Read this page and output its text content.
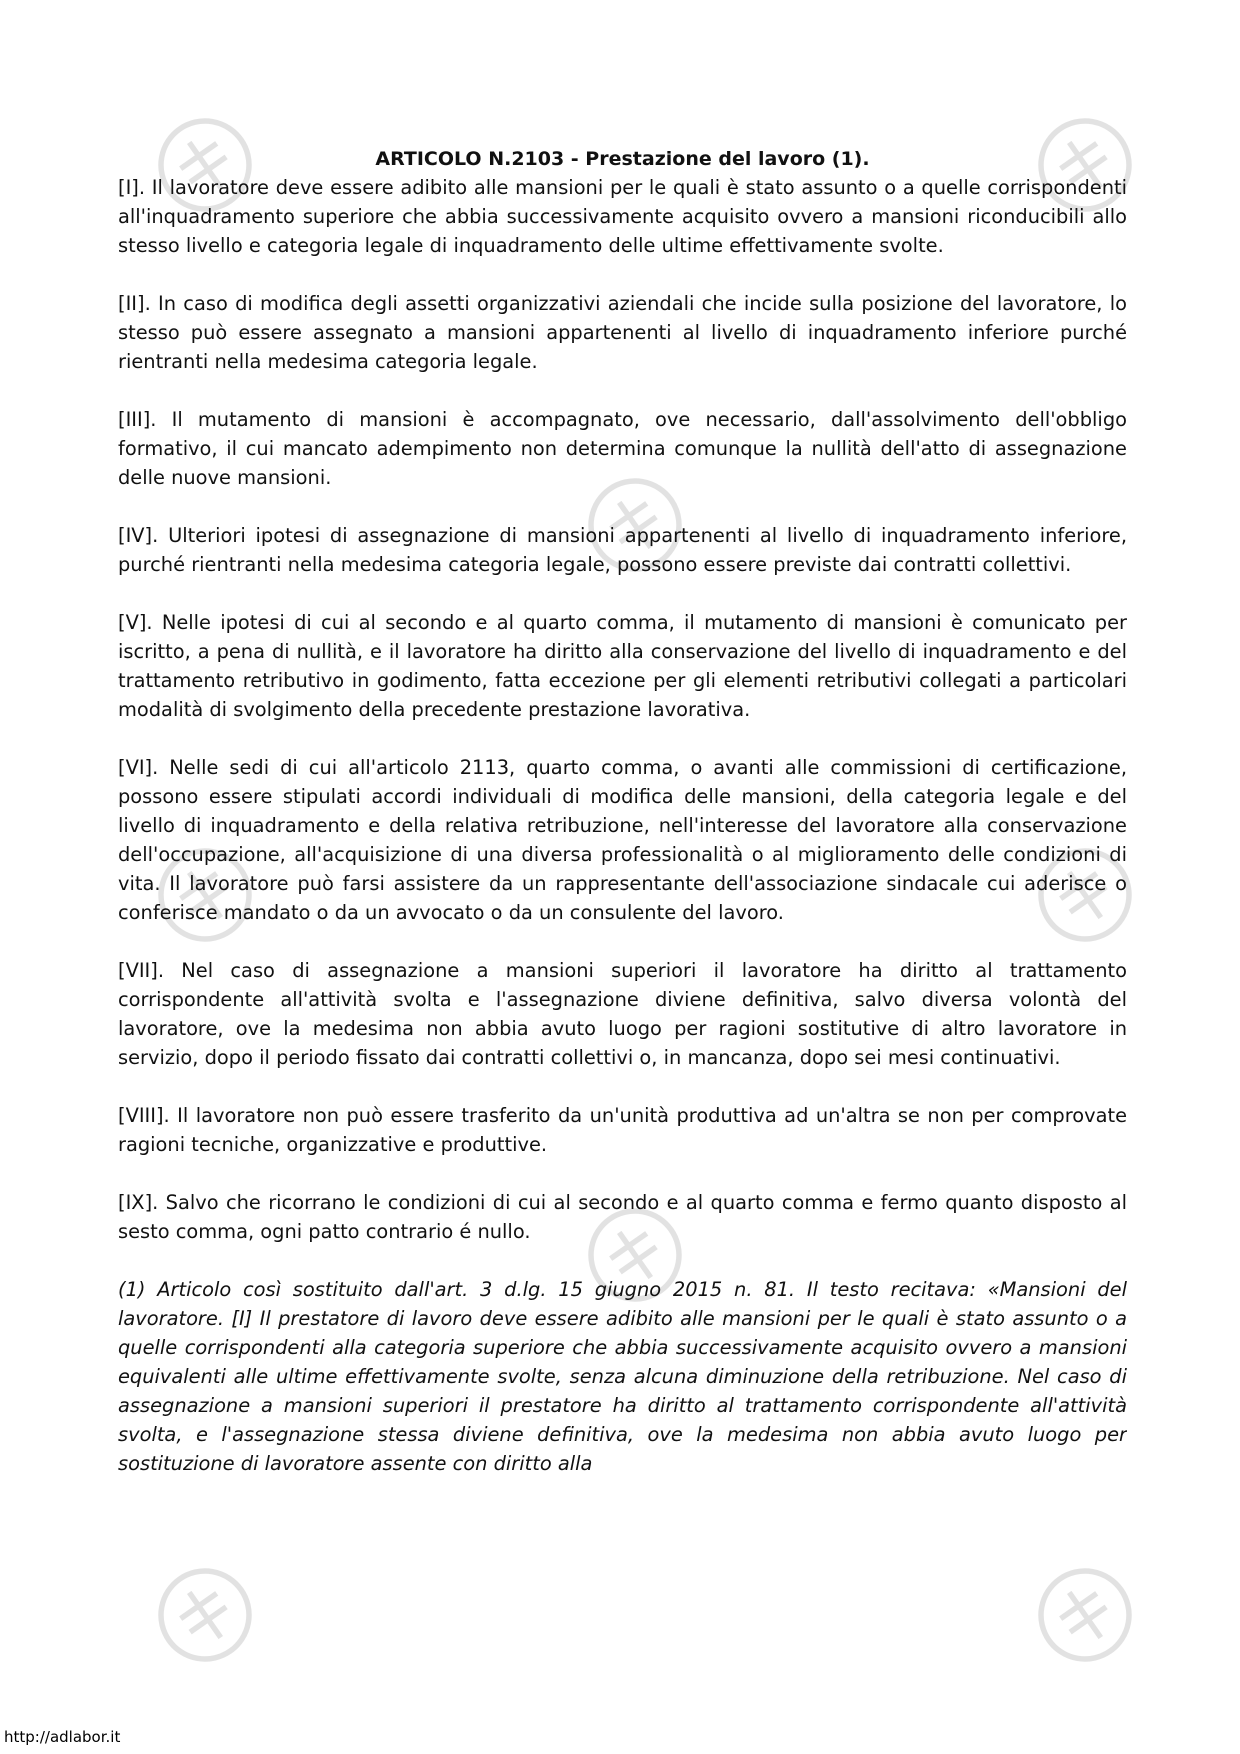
ARTICOLO N.2103 - Prestazione del lavoro (1).

[I]. Il lavoratore deve essere adibito alle mansioni per le quali è stato assunto o a quelle corrispondenti all'inquadramento superiore che abbia successivamente acquisito ovvero a mansioni riconducibili allo stesso livello e categoria legale di inquadramento delle ultime effettivamente svolte.

[II]. In caso di modifica degli assetti organizzativi aziendali che incide sulla posizione del lavoratore, lo stesso può essere assegnato a mansioni appartenenti al livello di inquadramento inferiore purché rientranti nella medesima categoria legale.

[III]. Il mutamento di mansioni è accompagnato, ove necessario, dall'assolvimento dell'obbligo formativo, il cui mancato adempimento non determina comunque la nullità dell'atto di assegnazione delle nuove mansioni.

[IV]. Ulteriori ipotesi di assegnazione di mansioni appartenenti al livello di inquadramento inferiore, purché rientranti nella medesima categoria legale, possono essere previste dai contratti collettivi.

[V]. Nelle ipotesi di cui al secondo e al quarto comma, il mutamento di mansioni è comunicato per iscritto, a pena di nullità, e il lavoratore ha diritto alla conservazione del livello di inquadramento e del trattamento retributivo in godimento, fatta eccezione per gli elementi retributivi collegati a particolari modalità di svolgimento della precedente prestazione lavorativa.

[VI]. Nelle sedi di cui all'articolo 2113, quarto comma, o avanti alle commissioni di certificazione, possono essere stipulati accordi individuali di modifica delle mansioni, della categoria legale e del livello di inquadramento e della relativa retribuzione, nell'interesse del lavoratore alla conservazione dell'occupazione, all'acquisizione di una diversa professionalità o al miglioramento delle condizioni di vita. Il lavoratore può farsi assistere da un rappresentante dell'associazione sindacale cui aderisce o conferisce mandato o da un avvocato o da un consulente del lavoro.

[VII]. Nel caso di assegnazione a mansioni superiori il lavoratore ha diritto al trattamento corrispondente all'attività svolta e l'assegnazione diviene definitiva, salvo diversa volontà del lavoratore, ove la medesima non abbia avuto luogo per ragioni sostitutive di altro lavoratore in servizio, dopo il periodo fissato dai contratti collettivi o, in mancanza, dopo sei mesi continuativi.

[VIII]. Il lavoratore non può essere trasferito da un'unità produttiva ad un'altra se non per comprovate ragioni tecniche, organizzative e produttive.

[IX]. Salvo che ricorrano le condizioni di cui al secondo e al quarto comma e fermo quanto disposto al sesto comma, ogni patto contrario é nullo.

(1) Articolo così sostituito dall'art. 3 d.lg. 15 giugno 2015 n. 81. Il testo recitava: «Mansioni del lavoratore. [I] Il prestatore di lavoro deve essere adibito alle mansioni per le quali è stato assunto o a quelle corrispondenti alla categoria superiore che abbia successivamente acquisito ovvero a mansioni equivalenti alle ultime effettivamente svolte, senza alcuna diminuzione della retribuzione. Nel caso di assegnazione a mansioni superiori il prestatore ha diritto al trattamento corrispondente all'attività svolta, e l'assegnazione stessa diviene definitiva, ove la medesima non abbia avuto luogo per sostituzione di lavoratore assente con diritto alla

http://adlabor.it
